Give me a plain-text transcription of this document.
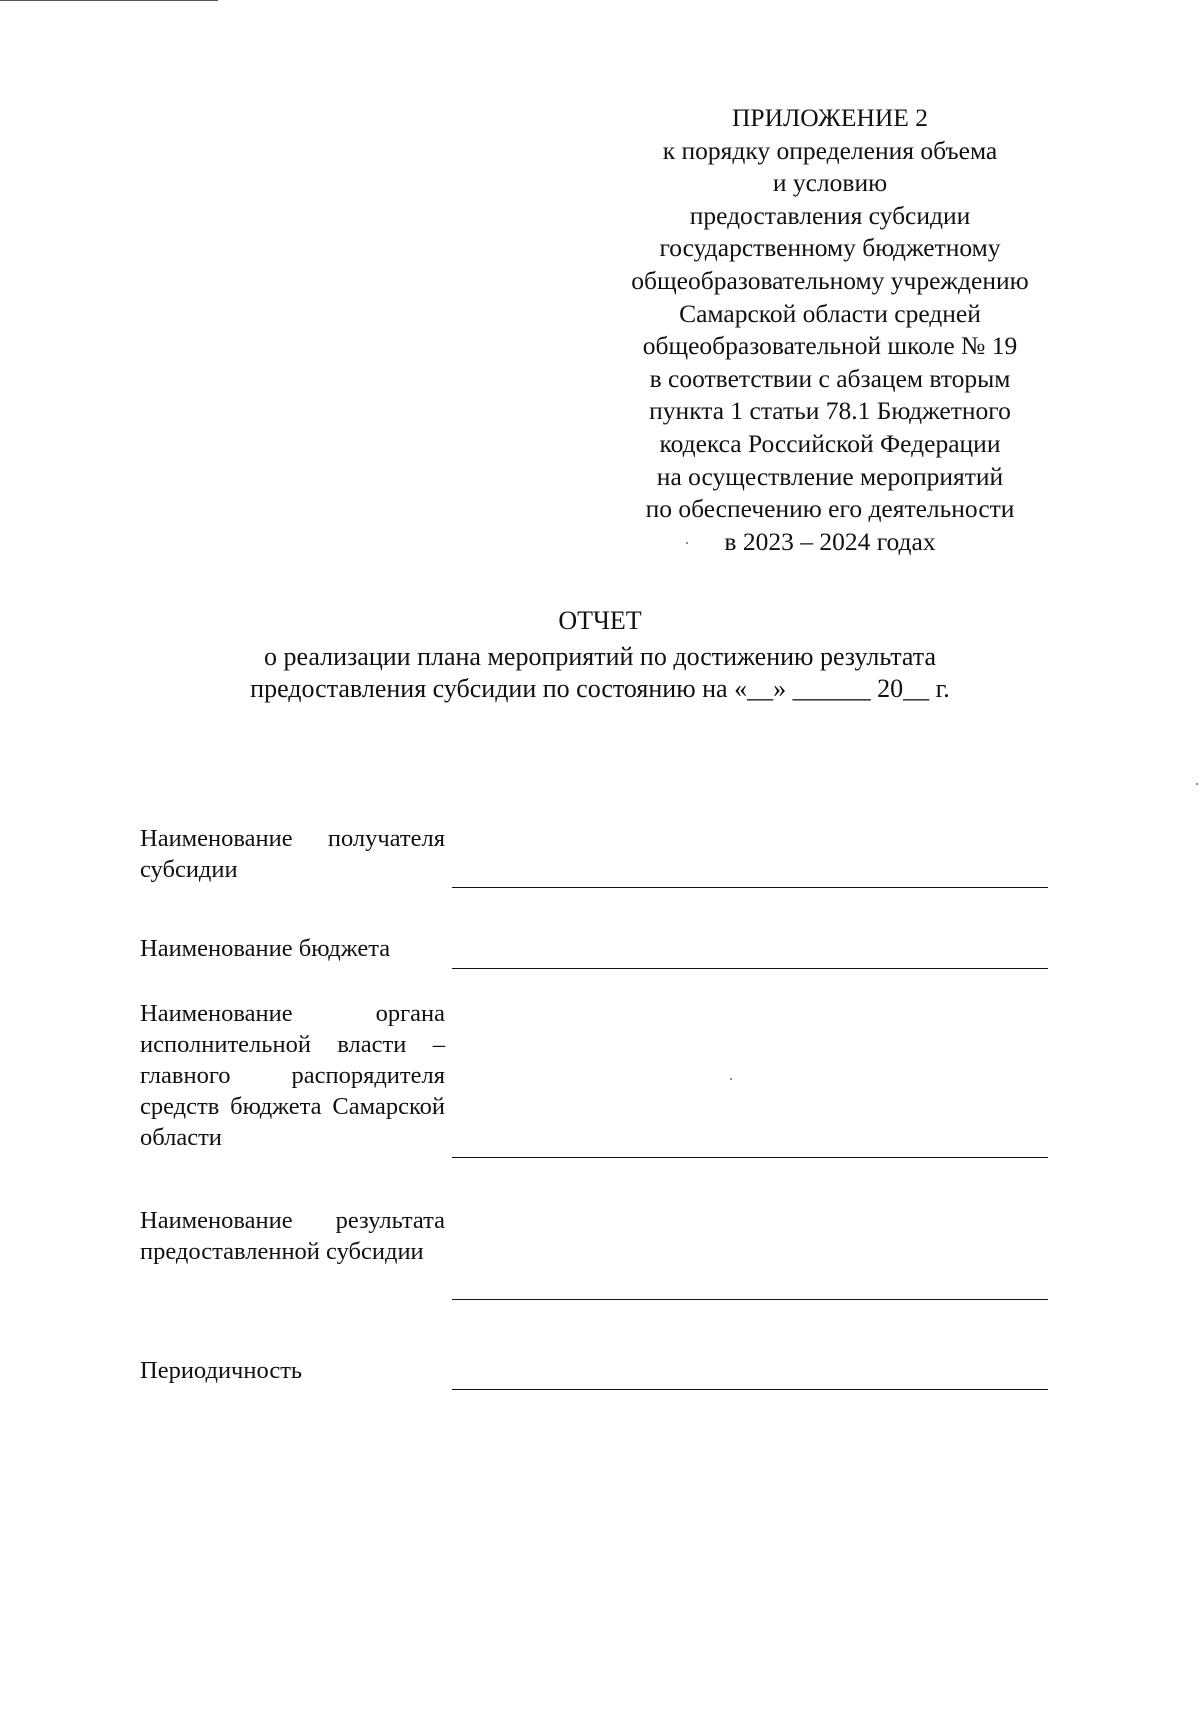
ПРИЛОЖЕНИЕ 2
к порядку определения объема
и условию
предоставления субсидии
государственному бюджетному
общеобразовательному учреждению
Самарской области средней
общеобразовательной школе № 19
в соответствии с абзацем вторым
пункта 1 статьи 78.1 Бюджетного
кодекса Российской Федерации
на осуществление мероприятий
по обеспечению его деятельности
в 2023 – 2024 годах
ОТЧЕТ
о реализации плана мероприятий по достижению результата
предоставления субсидии по состоянию на «__» ______ 20__ г.
Наименование получателя субсидии
Наименование бюджета
Наименование органа исполнительной власти – главного распорядителя средств бюджета Самарской области
Наименование результата предоставленной субсидии
Периодичность
